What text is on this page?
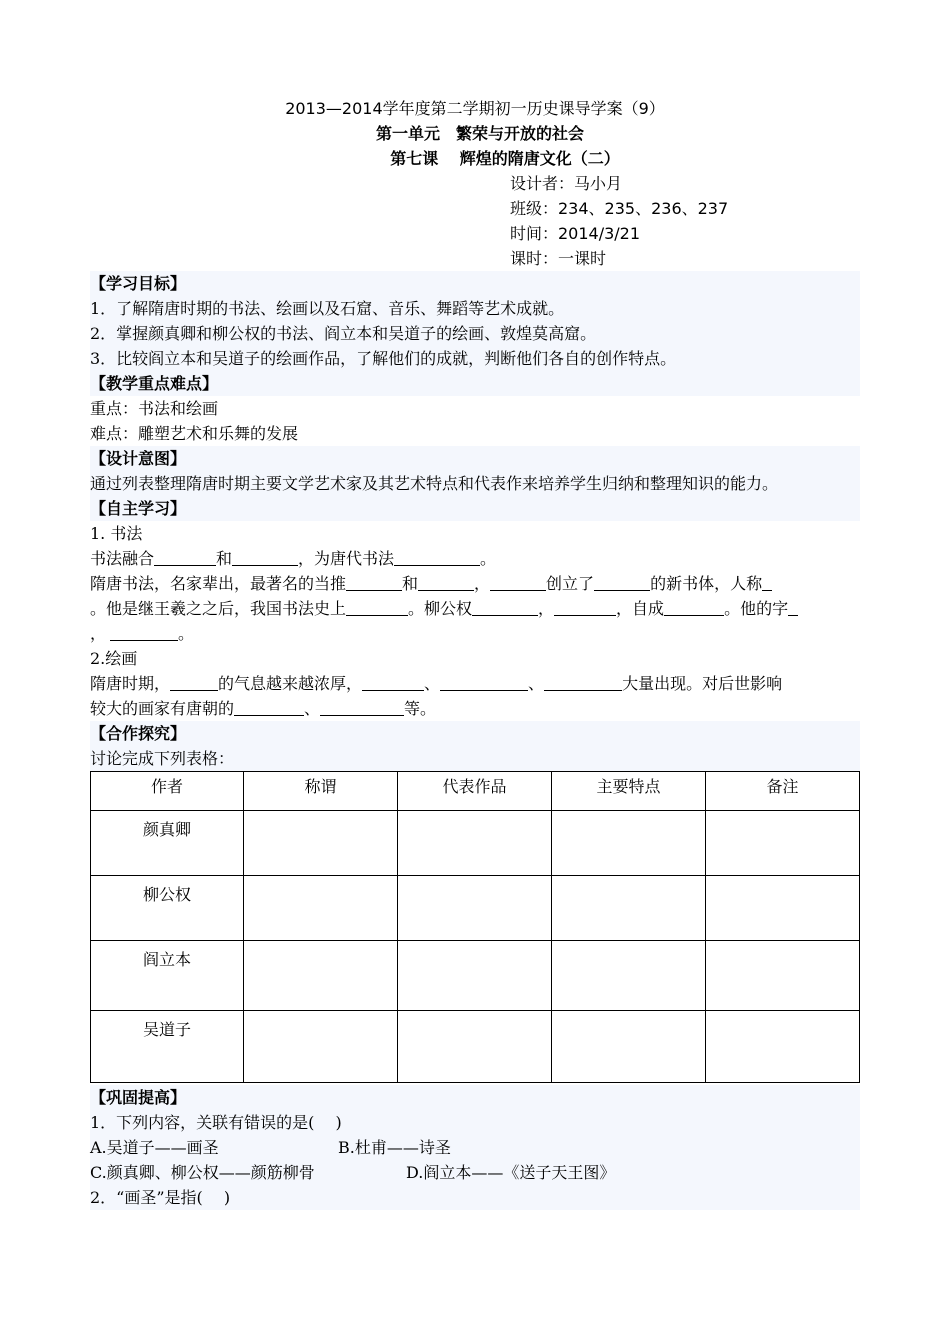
2013—2014学年度第二学期初一历史课导学案（9）
第一单元　繁荣与开放的社会
第七课　 辉煌的隋唐文化（二）
设计者：马小月
班级：234、235、236、237
时间：2014/3/21
课时：一课时
【学习目标】
1．了解隋唐时期的书法、绘画以及石窟、音乐、舞蹈等艺术成就。
2．掌握颜真卿和柳公权的书法、阎立本和吴道子的绘画、敦煌莫高窟。
3．比较阎立本和吴道子的绘画作品，了解他们的成就，判断他们各自的创作特点。
【教学重点难点】
重点：书法和绘画
难点：雕塑艺术和乐舞的发展
【设计意图】
通过列表整理隋唐时期主要文学艺术家及其艺术特点和代表作来培养学生归纳和整理知识的能力。
【自主学习】
1. 书法
书法融合	和	，为唐代书法	。
隋唐书法，名家辈出，最著名的当推	和	，	创立了	的新书体，人称
。他是继王羲之之后，我国书法史上	。柳公权	，	，自成	。他的字
，	。
2.绘画
隋唐时期，	的气息越来越浓厚，	、	、	大量出现。对后世影响
较大的画家有唐朝的	、	等。
【合作探究】
讨论完成下列表格：
作者	称谓	代表作品	主要特点	备注
颜真卿				
柳公权				
阎立本				
吴道子				
【巩固提高】
1．下列内容，关联有错误的是(　 )
A.吴道子——画圣	B.杜甫——诗圣
C.颜真卿、柳公权——颜筋柳骨	D.阎立本——《送子天王图》
2．“画圣”是指(　 )
